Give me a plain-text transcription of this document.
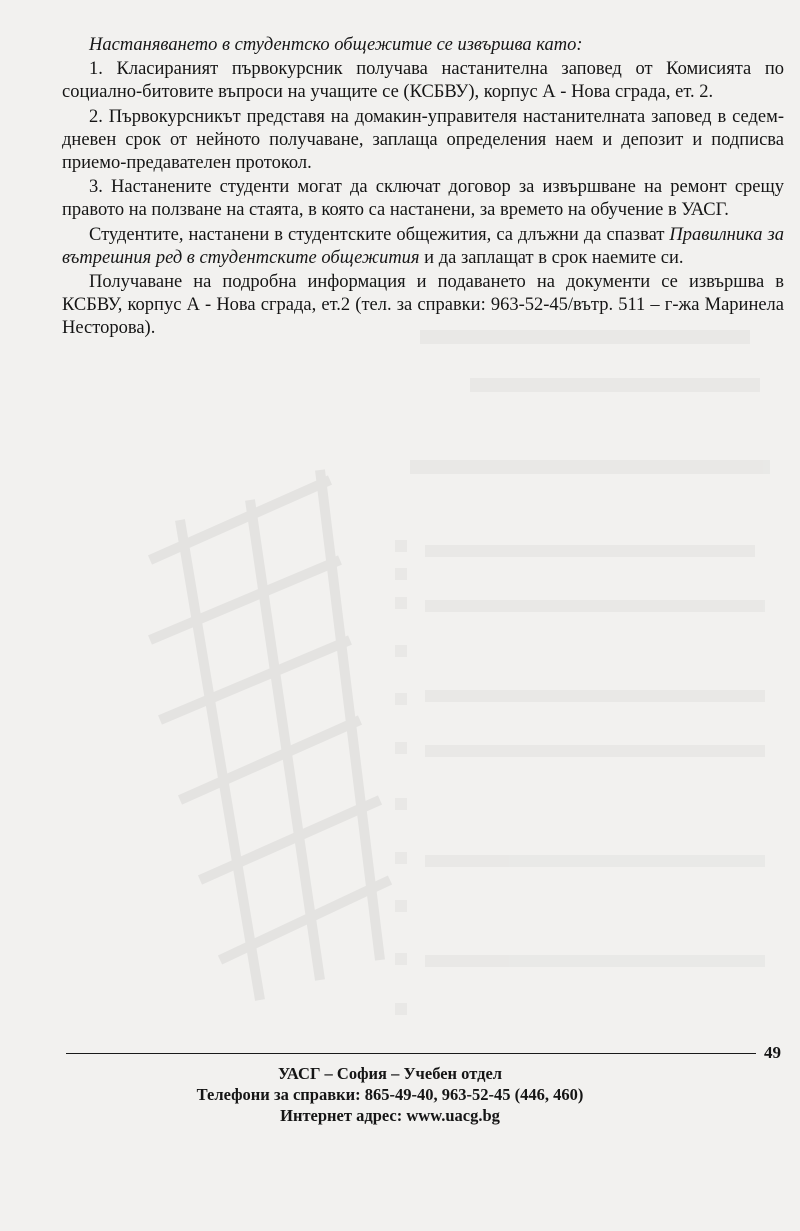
Настаняването в студентско общежитие се извършва като:

1. Класираният първокурсник получава настанителна заповед от Комисията по социално-битовите въпроси на учащите се (КСБВУ), корпус А - Нова сграда, ет. 2.

2. Първокурсникът представя на домакин-управителя настанителната заповед в седем-дневен срок от нейното получаване, заплаща определения наем и депозит и подписва приемо-предавателен протокол.

3. Настанените студенти могат да сключат договор за извършване на ремонт срещу правото на ползване на стаята, в която са настанени, за времето на обучение в УАСГ.

Студентите, настанени в студентските общежития, са длъжни да спазват Правилника за вътрешния ред в студентските общежития и да заплащат в срок наемите си.

Получаване на подробна информация и подаването на документи се извършва в КСБВУ, корпус А - Нова сграда, ет.2 (тел. за справки: 963-52-45/вътр. 511 – г-жа Маринела Несторова).

49
УАСГ – София – Учебен отдел
Телефони за справки: 865-49-40, 963-52-45 (446, 460)
Интернет адрес: www.uacg.bg
